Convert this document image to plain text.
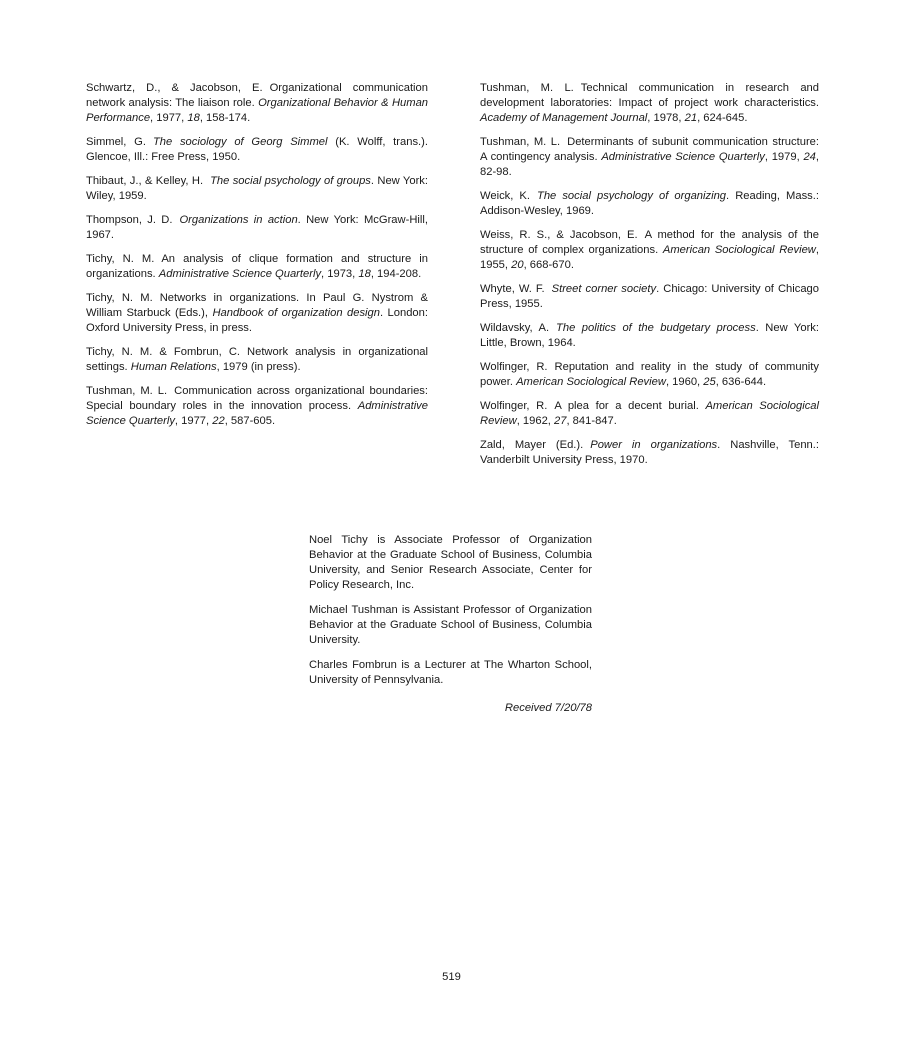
Schwartz, D., & Jacobson, E. Organizational communication network analysis: The liaison role. Organizational Behavior & Human Performance, 1977, 18, 158-174.

Simmel, G. The sociology of Georg Simmel (K. Wolff, trans.). Glencoe, Ill.: Free Press, 1950.

Thibaut, J., & Kelley, H. The social psychology of groups. New York: Wiley, 1959.

Thompson, J. D. Organizations in action. New York: McGraw-Hill, 1967.

Tichy, N. M. An analysis of clique formation and structure in organizations. Administrative Science Quarterly, 1973, 18, 194-208.

Tichy, N. M. Networks in organizations. In Paul G. Nystrom & William Starbuck (Eds.), Handbook of organization design. London: Oxford University Press, in press.

Tichy, N. M. & Fombrun, C. Network analysis in organizational settings. Human Relations, 1979 (in press).

Tushman, M. L. Communication across organizational boundaries: Special boundary roles in the innovation process. Administrative Science Quarterly, 1977, 22, 587-605.

Tushman, M. L. Technical communication in research and development laboratories: Impact of project work characteristics. Academy of Management Journal, 1978, 21, 624-645.

Tushman, M. L. Determinants of subunit communication structure: A contingency analysis. Administrative Science Quarterly, 1979, 24, 82-98.

Weick, K. The social psychology of organizing. Reading, Mass.: Addison-Wesley, 1969.

Weiss, R. S., & Jacobson, E. A method for the analysis of the structure of complex organizations. American Sociological Review, 1955, 20, 668-670.

Whyte, W. F. Street corner society. Chicago: University of Chicago Press, 1955.

Wildavsky, A. The politics of the budgetary process. New York: Little, Brown, 1964.

Wolfinger, R. Reputation and reality in the study of community power. American Sociological Review, 1960, 25, 636-644.

Wolfinger, R. A plea for a decent burial. American Sociological Review, 1962, 27, 841-847.

Zald, Mayer (Ed.). Power in organizations. Nashville, Tenn.: Vanderbilt University Press, 1970.

Noel Tichy is Associate Professor of Organization Behavior at the Graduate School of Business, Columbia University, and Senior Research Associate, Center for Policy Research, Inc.

Michael Tushman is Assistant Professor of Organization Behavior at the Graduate School of Business, Columbia University.

Charles Fombrun is a Lecturer at The Wharton School, University of Pennsylvania.

Received 7/20/78
519
